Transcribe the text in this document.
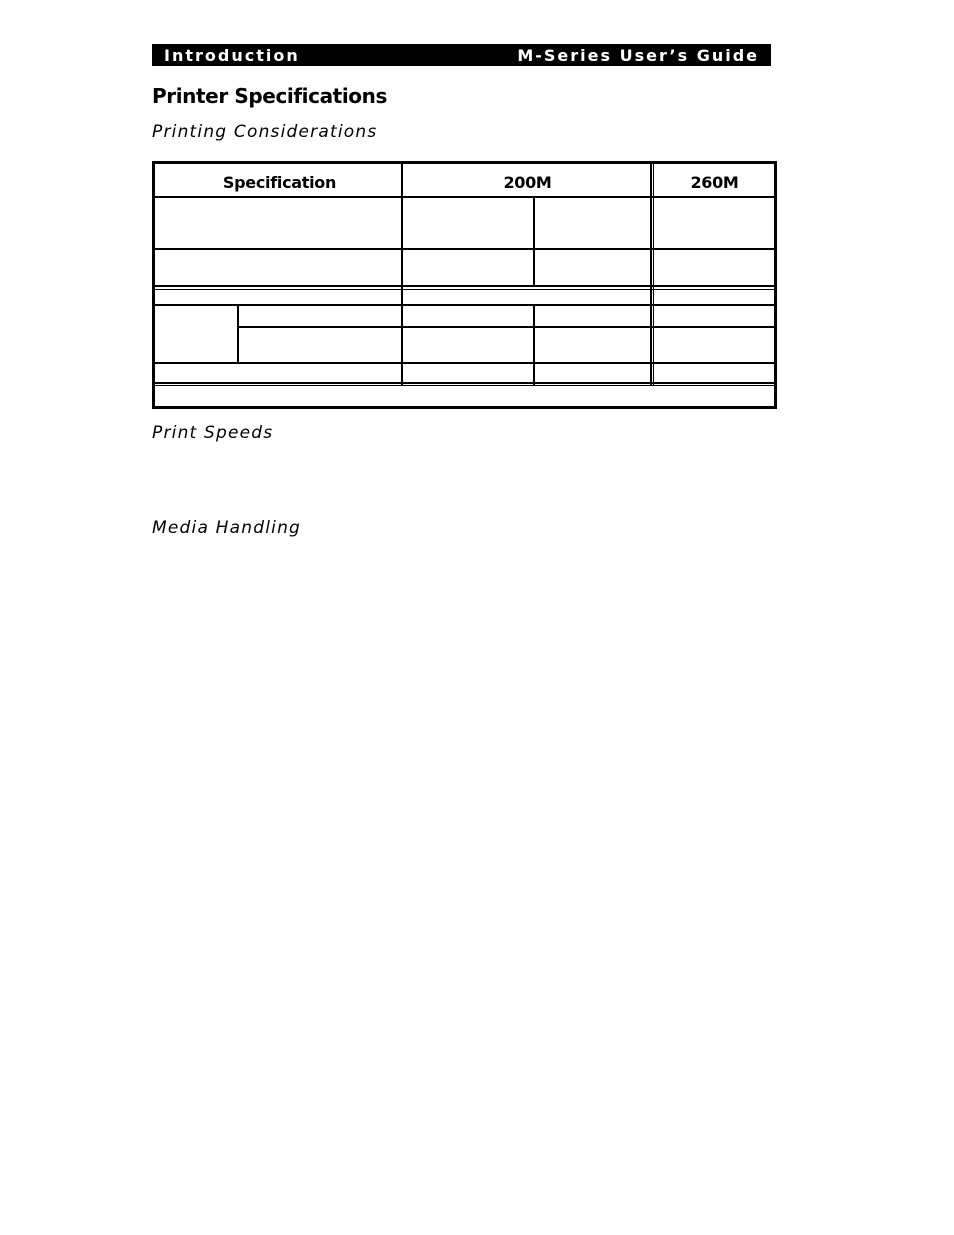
Introduction	M-Series User’s Guide
Printer Specifications
Printing Considerations
Specification	200M	260M
Print Speeds
Media Handling
